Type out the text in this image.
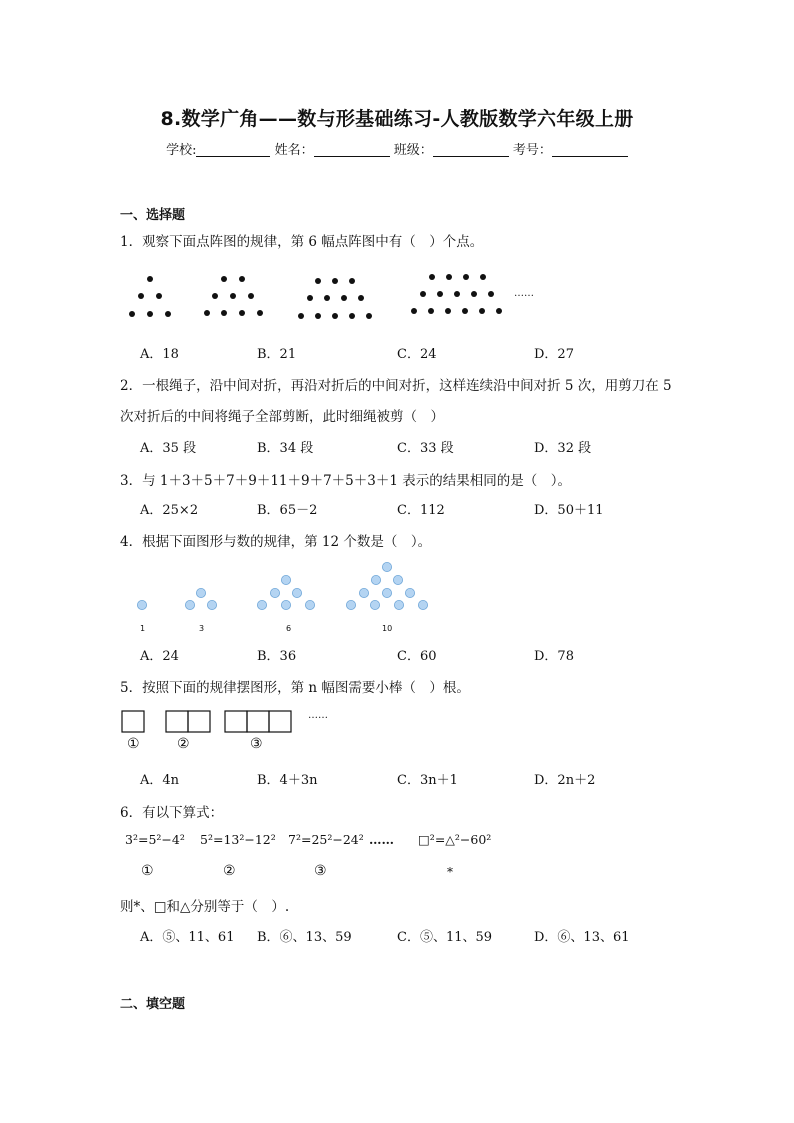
8.数学广角——数与形基础练习-人教版数学六年级上册
学校:	姓名：	班级：	考号：
一、选择题
1．观察下面点阵图的规律，第 6 幅点阵图中有（　）个点。
……
A．18	B．21	C．24	D．27
2．一根绳子，沿中间对折，再沿对折后的中间对折，这样连续沿中间对折 5 次，用剪刀在 5
次对折后的中间将绳子全部剪断，此时细绳被剪（　）
A．35 段	B．34 段	C．33 段	D．32 段
3．与 1＋3＋5＋7＋9＋11＋9＋7＋5＋3＋1 表示的结果相同的是（　）。
A．25×2	B．65－2	C．112	D．50＋11
4．根据下面图形与数的规律，第 12 个数是（　）。
1	3	6	10
A．24	B．36	C．60	D．78
5．按照下面的规律摆图形，第 n 幅图需要小棒（　）根。
……
①	②	③
A．4n	B．4＋3n	C．3n＋1	D．2n＋2
6．有以下算式：
3²=5²−4² 5²=13²−12² 7²=25²−24² …… □²=△²−60²
①	②	③	*
则*、□和△分别等于（　）.
A．⑤、11、61 B．⑥、13、59	C．⑤、11、59	D．⑥、13、61
二、填空题
